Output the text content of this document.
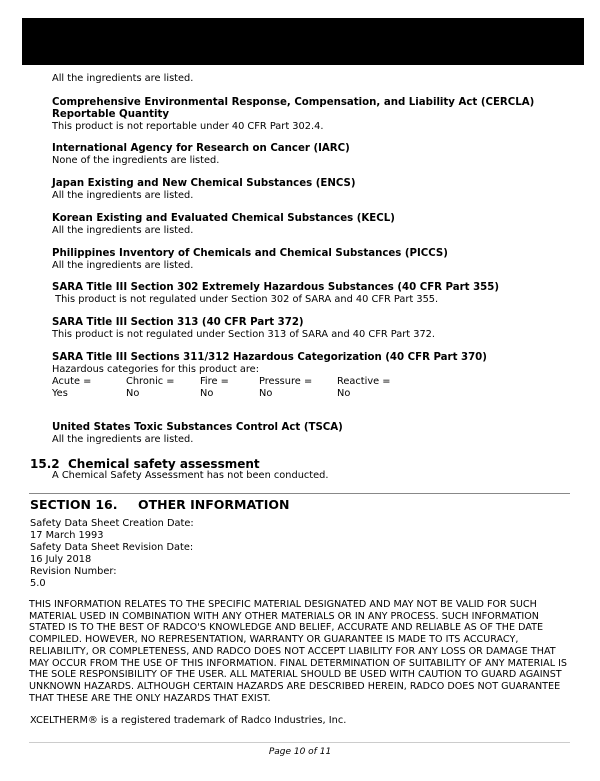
All the ingredients are listed.
Comprehensive Environmental Response, Compensation, and Liability Act (CERCLA)
Reportable Quantity
This product is not reportable under 40 CFR Part 302.4.
International Agency for Research on Cancer (IARC)
None of the ingredients are listed.
Japan Existing and New Chemical Substances (ENCS)
All the ingredients are listed.
Korean Existing and Evaluated Chemical Substances (KECL)
All the ingredients are listed.
Philippines Inventory of Chemicals and Chemical Substances (PICCS)
All the ingredients are listed.
SARA Title III Section 302 Extremely Hazardous Substances (40 CFR Part 355)
This product is not regulated under Section 302 of SARA and 40 CFR Part 355.
SARA Title III Section 313 (40 CFR Part 372)
This product is not regulated under Section 313 of SARA and 40 CFR Part 372.
SARA Title III Sections 311/312 Hazardous Categorization (40 CFR Part 370)
Hazardous categories for this product are:
Acute =
Yes
Chronic =
No
Fire =
No
Pressure =
No
Reactive =
No
United States Toxic Substances Control Act (TSCA)
All the ingredients are listed.
15.2 Chemical safety assessment
A Chemical Safety Assessment has not been conducted.
SECTION 16. OTHER INFORMATION
Safety Data Sheet Creation Date:
17 March 1993
Safety Data Sheet Revision Date:
16 July 2018
Revision Number:
5.0
THIS INFORMATION RELATES TO THE SPECIFIC MATERIAL DESIGNATED AND MAY NOT BE VALID FOR SUCH MATERIAL USED IN COMBINATION WITH ANY OTHER MATERIALS OR IN ANY PROCESS. SUCH INFORMATION STATED IS TO THE BEST OF RADCO'S KNOWLEDGE AND BELIEF, ACCURATE AND RELIABLE AS OF THE DATE COMPILED. HOWEVER, NO REPRESENTATION, WARRANTY OR GUARANTEE IS MADE TO ITS ACCURACY, RELIABILITY, OR COMPLETENESS, AND RADCO DOES NOT ACCEPT LIABILITY FOR ANY LOSS OR DAMAGE THAT MAY OCCUR FROM THE USE OF THIS INFORMATION. FINAL DETERMINATION OF SUITABILITY OF ANY MATERIAL IS THE SOLE RESPONSIBILITY OF THE USER. ALL MATERIAL SHOULD BE USED WITH CAUTION TO GUARD AGAINST UNKNOWN HAZARDS. ALTHOUGH CERTAIN HAZARDS ARE DESCRIBED HEREIN, RADCO DOES NOT GUARANTEE THAT THESE ARE THE ONLY HAZARDS THAT EXIST.
XCELTHERM® is a registered trademark of Radco Industries, Inc.
Page 10 of 11
